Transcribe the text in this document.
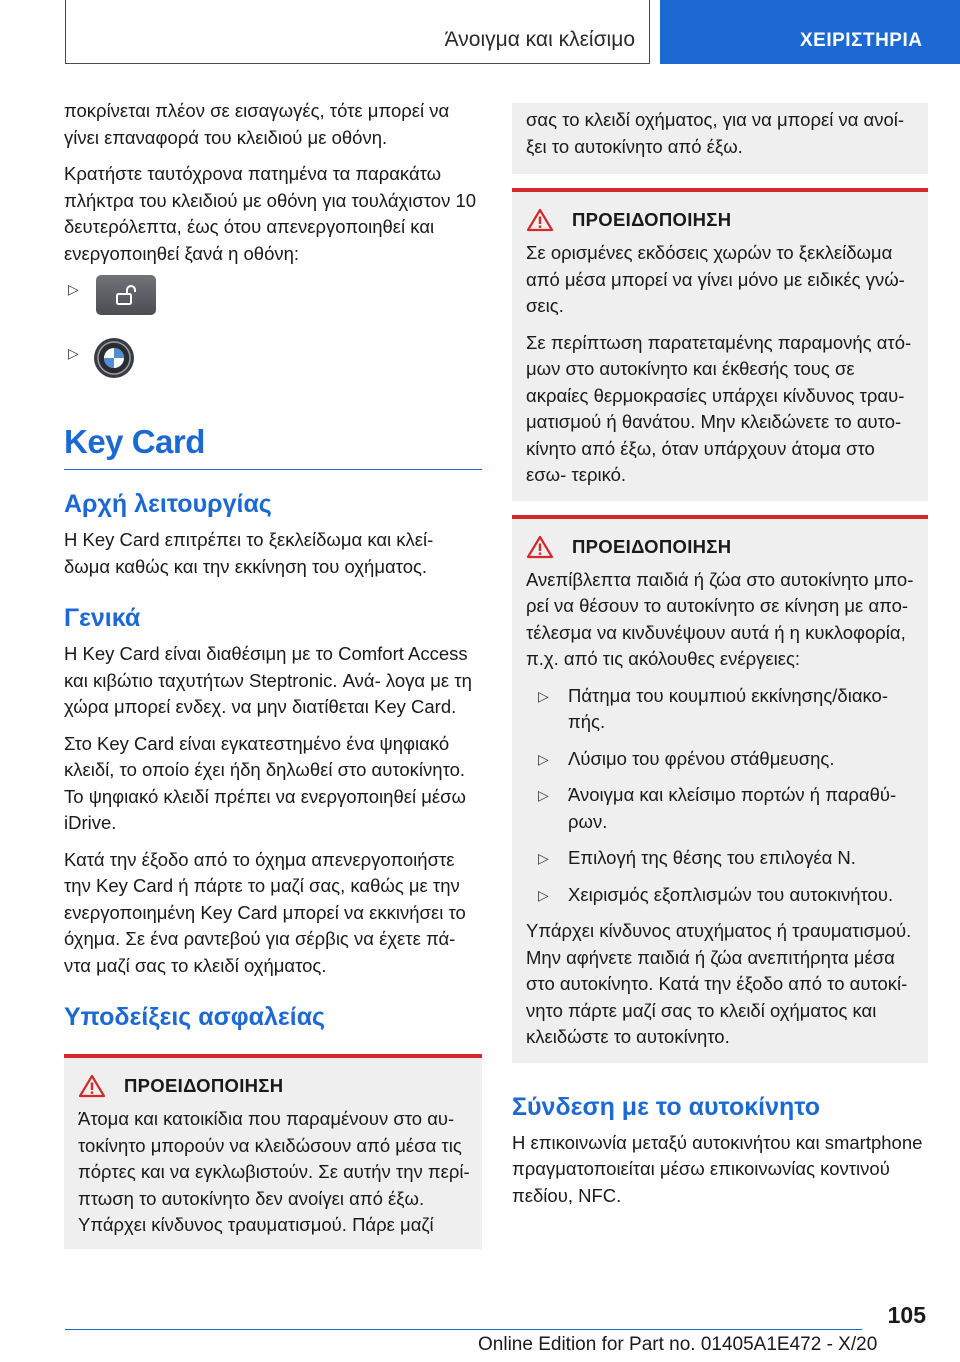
Άνοιγμα και κλείσιμο	ΧΕΙΡΙΣΤΗΡΙΑ

ποκρίνεται πλέον σε εισαγωγές, τότε μπορεί να γίνει επαναφορά του κλειδιού με οθόνη.

Κρατήστε ταυτόχρονα πατημένα τα παρακάτω πλήκτρα του κλειδιού με οθόνη για τουλάχιστον 10 δευτερόλεπτα, έως ότου απενεργοποιηθεί και ενεργοποιηθεί ξανά η οθόνη:

▷
▷
Key Card
Αρχή λειτουργίας

Η Key Card επιτρέπει το ξεκλείδωμα και κλεί- δωμα καθώς και την εκκίνηση του οχήματος.

Γενικά

Η Key Card είναι διαθέσιμη με το Comfort Access και κιβώτιο ταχυτήτων Steptronic. Ανά- λογα με τη χώρα μπορεί ενδεχ. να μην διατίθεται Key Card.

Στο Key Card είναι εγκατεστημένο ένα ψηφιακό κλειδί, το οποίο έχει ήδη δηλωθεί στο αυτοκίνητο. Το ψηφιακό κλειδί πρέπει να ενεργοποιηθεί μέσω iDrive.

Κατά την έξοδο από το όχημα απενεργοποιήστε την Key Card ή πάρτε το μαζί σας, καθώς με την ενεργοποιημένη Key Card μπορεί να εκκινήσει το όχημα. Σε ένα ραντεβού για σέρβις να έχετε πά- ντα μαζί σας το κλειδί οχήματος.

Υποδείξεις ασφαλείας
ΠΡΟΕΙΔΟΠΟΙΗΣΗ

Άτομα και κατοικίδια που παραμένουν στο αυ- τοκίνητο μπορούν να κλειδώσουν από μέσα τις πόρτες και να εγκλωβιστούν. Σε αυτήν την περί- πτωση το αυτοκίνητο δεν ανοίγει από έξω. Υπάρχει κίνδυνος τραυματισμού. Πάρε μαζί

σας το κλειδί οχήματος, για να μπορεί να ανοί- ξει το αυτοκίνητο από έξω.

ΠΡΟΕΙΔΟΠΟΙΗΣΗ

Σε ορισμένες εκδόσεις χωρών το ξεκλείδωμα από μέσα μπορεί να γίνει μόνο με ειδικές γνώ- σεις.

Σε περίπτωση παρατεταμένης παραμονής ατό- μων στο αυτοκίνητο και έκθεσής τους σε ακραίες θερμοκρασίες υπάρχει κίνδυνος τραυ- ματισμού ή θανάτου. Μην κλειδώνετε το αυτο- κίνητο από έξω, όταν υπάρχουν άτομα στο εσω- τερικό.

ΠΡΟΕΙΔΟΠΟΙΗΣΗ

Ανεπίβλεπτα παιδιά ή ζώα στο αυτοκίνητο μπο- ρεί να θέσουν το αυτοκίνητο σε κίνηση με απο- τέλεσμα να κινδυνέψουν αυτά ή η κυκλοφορία, π.χ. από τις ακόλουθες ενέργειες:

▷ Πάτημα του κουμπιού εκκίνησης/διακο- πής.
▷ Λύσιμο του φρένου στάθμευσης.
▷ Άνοιγμα και κλείσιμο πορτών ή παραθύ- ρων.
▷ Επιλογή της θέσης του επιλογέα N.
▷ Χειρισμός εξοπλισμών του αυτοκινήτου.

Υπάρχει κίνδυνος ατυχήματος ή τραυματισμού. Μην αφήνετε παιδιά ή ζώα ανεπιτήρητα μέσα στο αυτοκίνητο. Κατά την έξοδο από το αυτοκί- νητο πάρτε μαζί σας το κλειδί οχήματος και κλειδώστε το αυτοκίνητο.

Σύνδεση με το αυτοκίνητο

Η επικοινωνία μεταξύ αυτοκινήτου και smartphone πραγματοποιείται μέσω επικοινωνίας κοντινού πεδίου, NFC.

105
Online Edition for Part no. 01405A1E472 - X/20
